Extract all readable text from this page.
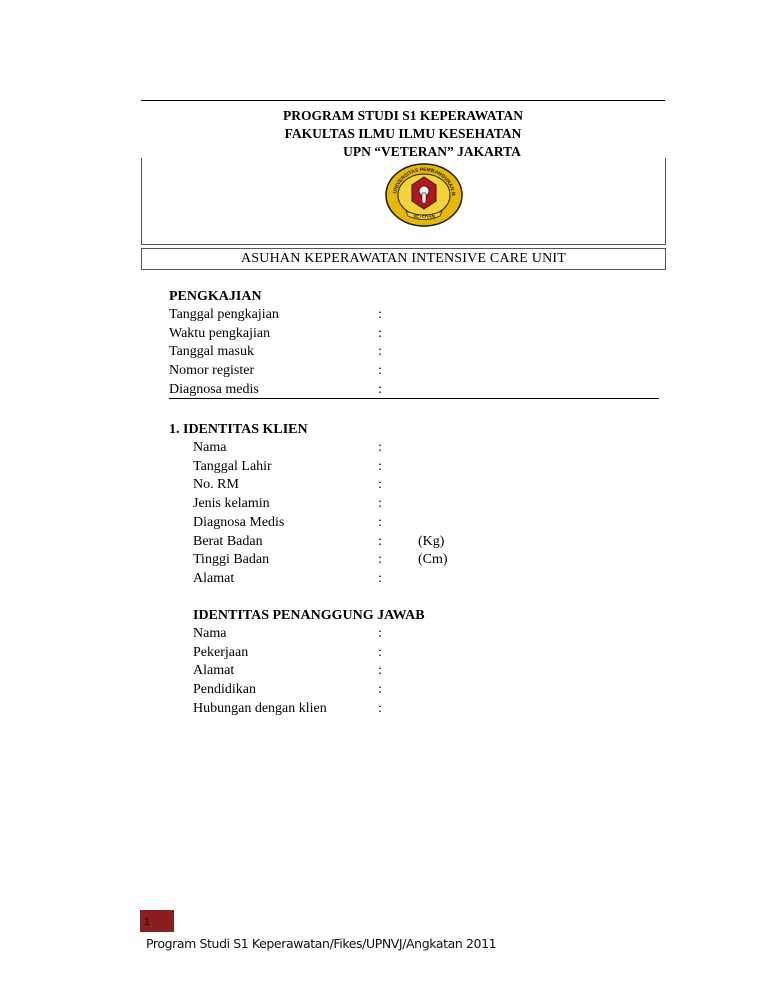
PROGRAM STUDI S1 KEPERAWATAN
FAKULTAS ILMU ILMU KESEHATAN
UPN “VETERAN” JAKARTA
UNIVERSITAS PEMBANGUNAN N
VETERAN
ASUHAN KEPERAWATAN INTENSIVE CARE UNIT
PENGKAJIAN
Tanggal pengkajian	:
Waktu pengkajian	:
Tanggal masuk	:
Nomor register	:
Diagnosa medis	:
1. IDENTITAS KLIEN
Nama	:
Tanggal Lahir	:
No. RM	:
Jenis kelamin	:
Diagnosa Medis	:
Berat Badan	:	(Kg)
Tinggi Badan	:	(Cm)
Alamat	:
IDENTITAS PENANGGUNG JAWAB
Nama	:
Pekerjaan	:
Alamat	:
Pendidikan	:
Hubungan dengan klien	:
1
Program Studi S1 Keperawatan/Fikes/UPNVJ/Angkatan 2011
